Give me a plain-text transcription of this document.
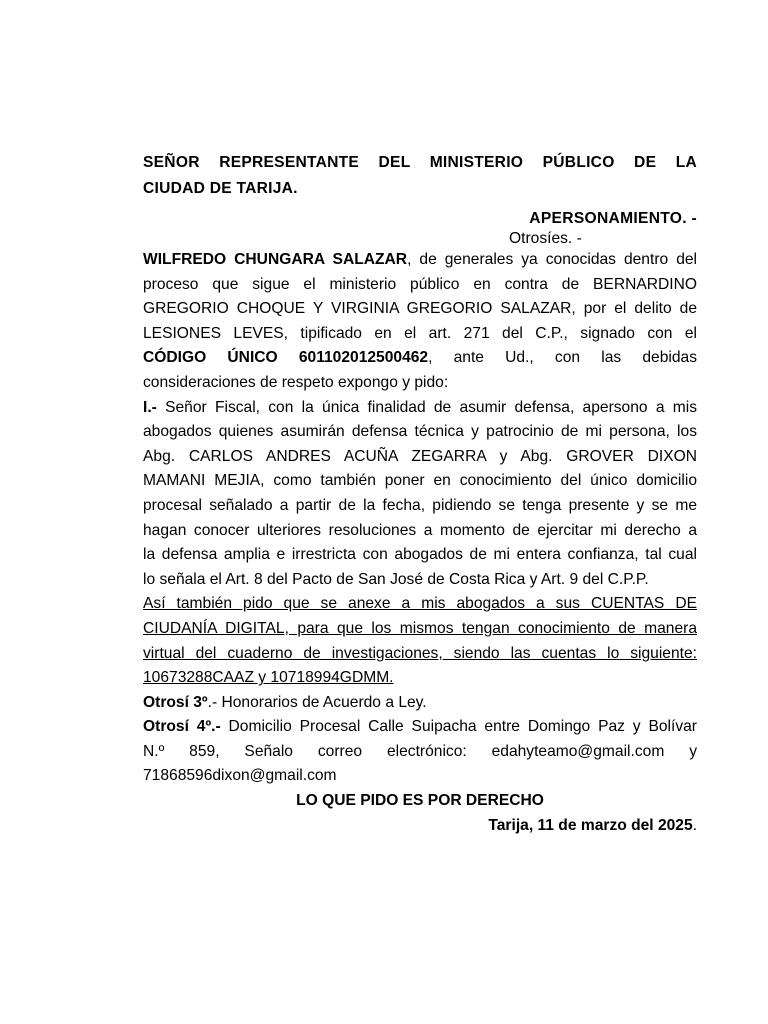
SEÑOR REPRESENTANTE DEL MINISTERIO PÚBLICO DE LA
CIUDAD DE TARIJA.
APERSONAMIENTO. -
Otrosíes. -
WILFREDO CHUNGARA SALAZAR, de generales ya conocidas dentro del
proceso que sigue el ministerio público en contra de BERNARDINO
GREGORIO CHOQUE Y VIRGINIA GREGORIO SALAZAR, por el delito de
LESIONES LEVES, tipificado en el art. 271 del C.P., signado con el
CÓDIGO ÚNICO 601102012500462, ante Ud., con las debidas
consideraciones de respeto expongo y pido:
I.- Señor Fiscal, con la única finalidad de asumir defensa, apersono a mis
abogados quienes asumirán defensa técnica y patrocinio de mi persona, los
Abg. CARLOS ANDRES ACUÑA ZEGARRA y Abg. GROVER DIXON
MAMANI MEJIA, como también poner en conocimiento del único domicilio
procesal señalado a partir de la fecha, pidiendo se tenga presente y se me
hagan conocer ulteriores resoluciones a momento de ejercitar mi derecho a
la defensa amplia e irrestricta con abogados de mi entera confianza, tal cual
lo señala el Art. 8 del Pacto de San José de Costa Rica y Art. 9 del C.P.P.
Así también pido que se anexe a mis abogados a sus CUENTAS DE
CIUDANÍA DIGITAL, para que los mismos tengan conocimiento de manera
virtual del cuaderno de investigaciones, siendo las cuentas lo siguiente:
10673288CAAZ y 10718994GDMM.
Otrosí 3º.- Honorarios de Acuerdo a Ley.
Otrosí 4º.- Domicilio Procesal Calle Suipacha entre Domingo Paz y Bolívar
N.º 859, Señalo correo electrónico: edahyteamo@gmail.com y
71868596dixon@gmail.com
LO QUE PIDO ES POR DERECHO
Tarija, 11 de marzo del 2025.
